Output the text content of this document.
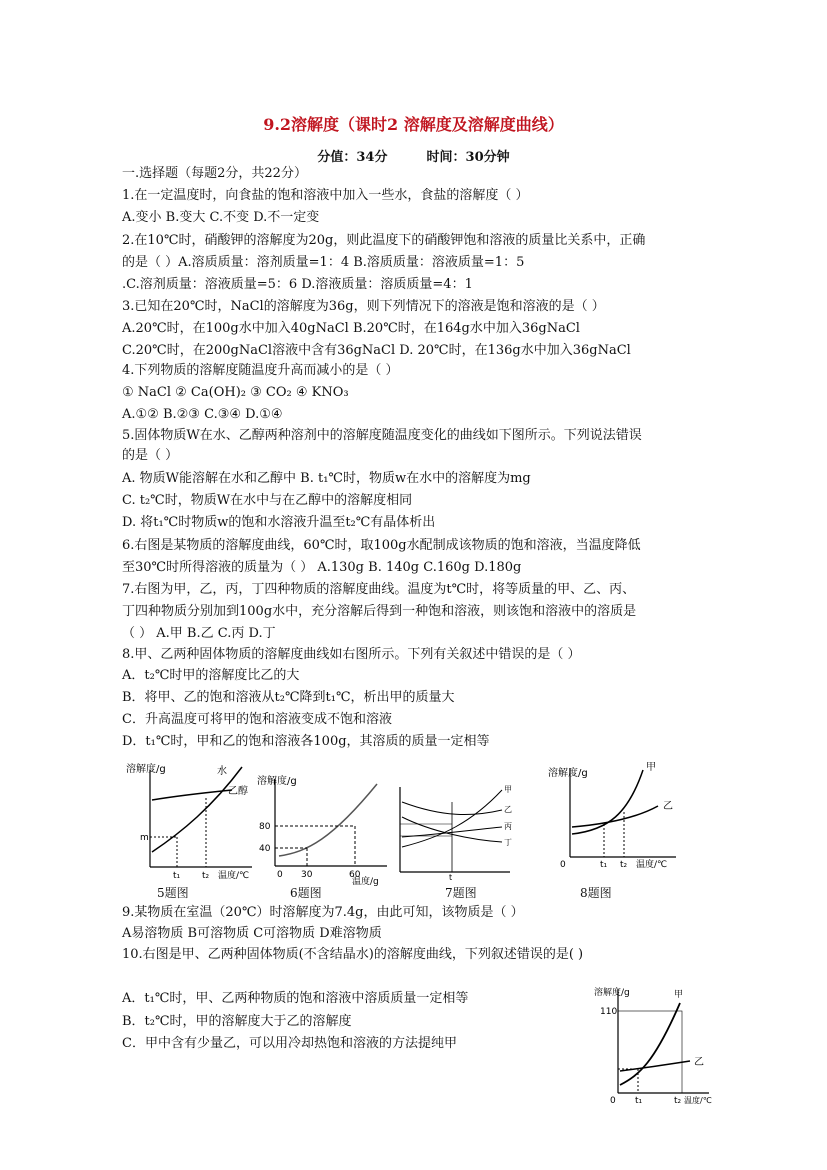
9.2溶解度（课时2 溶解度及溶解度曲线）
分值：34分	时间：30分钟
一.选择题（每题2分，共22分）
1.在一定温度时，向食盐的饱和溶液中加入一些水，食盐的溶解度（ ）
A.变小 B.变大 C.不变 D.不一定变
2.在10℃时，硝酸钾的溶解度为20g，则此温度下的硝酸钾饱和溶液的质量比关系中，正确
的是（ ）A.溶质质量：溶剂质量=1：4 B.溶质质量：溶液质量=1：5
.C.溶剂质量：溶液质量=5：6 D.溶液质量：溶质质量=4：1
3.已知在20℃时，NaCl的溶解度为36g，则下列情况下的溶液是饱和溶液的是（ ）
A.20℃时，在100g水中加入40gNaCl B.20℃时，在164g水中加入36gNaCl
C.20℃时，在200gNaCl溶液中含有36gNaCl D. 20℃时，在136g水中加入36gNaCl
4.下列物质的溶解度随温度升高而减小的是（ ）
① NaCl ② Ca(OH)₂ ③ CO₂ ④ KNO₃
A.①② B.②③ C.③④ D.①④
5.固体物质W在水、乙醇两种溶剂中的溶解度随温度变化的曲线如下图所示。下列说法错误
的是（ ）
A. 物质W能溶解在水和乙醇中 B. t₁℃时，物质w在水中的溶解度为mg
C. t₂℃时，物质W在水中与在乙醇中的溶解度相同
D. 将t₁℃时物质w的饱和水溶液升温至t₂℃有晶体析出
6.右图是某物质的溶解度曲线，60℃时，取100g水配制成该物质的饱和溶液，当温度降低
至30℃时所得溶液的质量为（ ） A.130g B. 140g C.160g D.180g
7.右图为甲，乙，丙，丁四种物质的溶解度曲线。温度为t℃时，将等质量的甲、乙、丙、
丁四种物质分别加到100g水中，充分溶解后得到一种饱和溶液，则该饱和溶液中的溶质是
（ ） A.甲 B.乙 C.丙 D.丁
8.甲、乙两种固体物质的溶解度曲线如右图所示。下列有关叙述中错误的是（ ）
A．t₂℃时甲的溶解度比乙的大
B．将甲、乙的饱和溶液从t₂℃降到t₁℃，析出甲的质量大
C．升高温度可将甲的饱和溶液变成不饱和溶液
D．t₁℃时，甲和乙的饱和溶液各100g，其溶质的质量一定相等
溶解度/g	水
乙醇
m
t₁ t₂ 温度/℃
溶解度/g
80
40
0 30	60
温度/g
甲
乙
丙
丁
t
溶解度/g
甲
乙
0	t₁ t₂ 温度/℃
5题图	6题图	7题图	8题图
9.某物质在室温（20℃）时溶解度为7.4g，由此可知，该物质是（ ）
A易溶物质 B可溶物质 C可溶物质 D难溶物质
10.右图是甲、乙两种固体物质(不含结晶水)的溶解度曲线，下列叙述错误的是( )
A．t₁℃时，甲、乙两种物质的饱和溶液中溶质质量一定相等
B．t₂℃时，甲的溶解度大于乙的溶解度
C．甲中含有少量乙，可以用冷却热饱和溶液的方法提纯甲
溶解度/g
110
甲
乙
0 t₁	t₂ 温度/℃
